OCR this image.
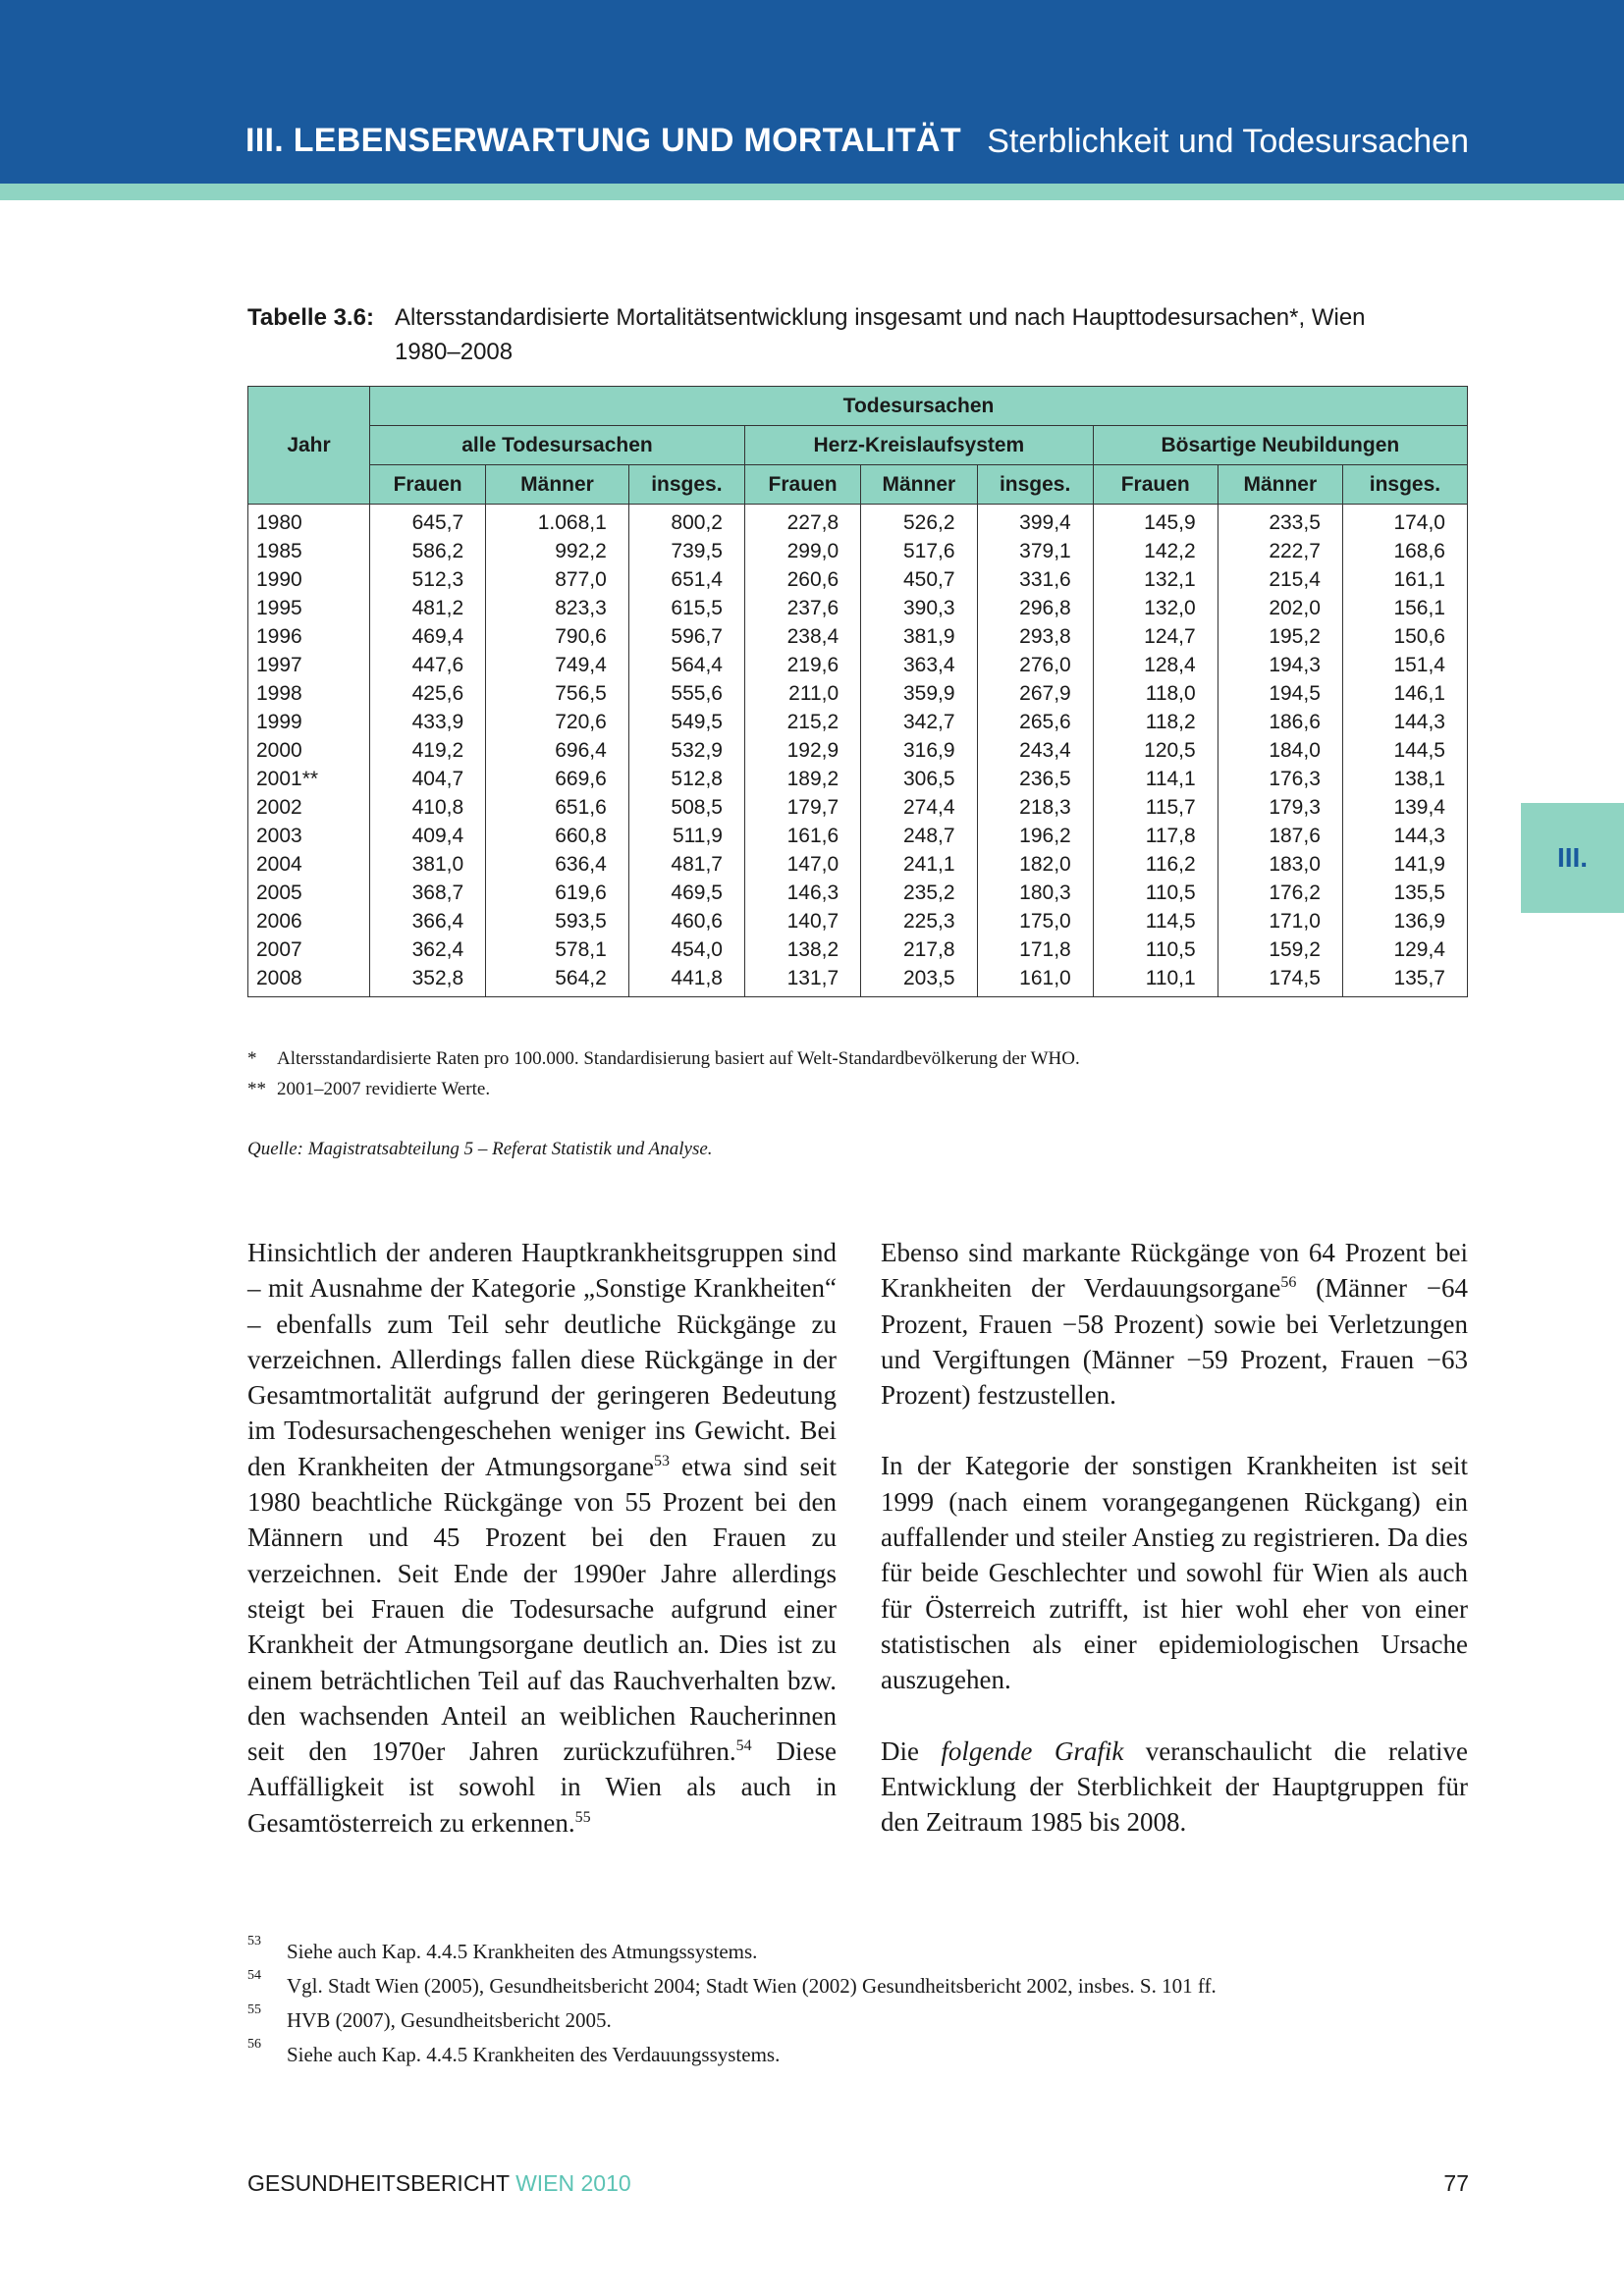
III. LEBENSERWARTUNG UND MORTALITÄT Sterblichkeit und Todesursachen
III.
Tabelle 3.6: Altersstandardisierte Mortalitätsentwicklung insgesamt und nach Haupttodesursachen*, Wien 1980–2008
Jahr	Todesursachen								
	alle Todesursachen			Herz-Kreislaufsystem			Bösartige Neubildungen		
	Frauen	Männer	insges.	Frauen	Männer	insges.	Frauen	Männer	insges.
1980	645,7	1.068,1	800,2	227,8	526,2	399,4	145,9	233,5	174,0
1985	586,2	992,2	739,5	299,0	517,6	379,1	142,2	222,7	168,6
1990	512,3	877,0	651,4	260,6	450,7	331,6	132,1	215,4	161,1
1995	481,2	823,3	615,5	237,6	390,3	296,8	132,0	202,0	156,1
1996	469,4	790,6	596,7	238,4	381,9	293,8	124,7	195,2	150,6
1997	447,6	749,4	564,4	219,6	363,4	276,0	128,4	194,3	151,4
1998	425,6	756,5	555,6	211,0	359,9	267,9	118,0	194,5	146,1
1999	433,9	720,6	549,5	215,2	342,7	265,6	118,2	186,6	144,3
2000	419,2	696,4	532,9	192,9	316,9	243,4	120,5	184,0	144,5
2001**	404,7	669,6	512,8	189,2	306,5	236,5	114,1	176,3	138,1
2002	410,8	651,6	508,5	179,7	274,4	218,3	115,7	179,3	139,4
2003	409,4	660,8	511,9	161,6	248,7	196,2	117,8	187,6	144,3
2004	381,0	636,4	481,7	147,0	241,1	182,0	116,2	183,0	141,9
2005	368,7	619,6	469,5	146,3	235,2	180,3	110,5	176,2	135,5
2006	366,4	593,5	460,6	140,7	225,3	175,0	114,5	171,0	136,9
2007	362,4	578,1	454,0	138,2	217,8	171,8	110,5	159,2	129,4
2008	352,8	564,2	441,8	131,7	203,5	161,0	110,1	174,5	135,7
* Altersstandardisierte Raten pro 100.000. Standardisierung basiert auf Welt-Standardbevölkerung der WHO.
** 2001–2007 revidierte Werte.
Quelle: Magistratsabteilung 5 – Referat Statistik und Analyse.

Hinsichtlich der anderen Hauptkrankheitsgruppen sind – mit Ausnahme der Kategorie „Sonstige Krankheiten“ – ebenfalls zum Teil sehr deutliche Rückgänge zu verzeichnen. Allerdings fallen diese Rückgänge in der Gesamtmortalität aufgrund der geringeren Bedeutung im Todesursachengeschehen weniger ins Gewicht. Bei den Krankheiten der Atmungsorgane$^{53}$ etwa sind seit 1980 beachtliche Rückgänge von 55 Prozent bei den Männern und 45 Prozent bei den Frauen zu verzeichnen. Seit Ende der 1990er Jahre allerdings steigt bei Frauen die Todesursache aufgrund einer Krankheit der Atmungsorgane deutlich an. Dies ist zu einem beträchtlichen Teil auf das Rauchverhalten bzw. den wachsenden Anteil an weiblichen Raucherinnen seit den 1970er Jahren zurückzuführen.$^{54}$ Diese Auffälligkeit ist sowohl in Wien als auch in Gesamtösterreich zu erkennen.$^{55}$

Ebenso sind markante Rückgänge von 64 Prozent bei Krankheiten der Verdauungsorgane$^{56}$ (Männer −64 Prozent, Frauen −58 Prozent) sowie bei Verletzungen und Vergiftungen (Männer −59 Prozent, Frauen −63 Prozent) festzustellen.

In der Kategorie der sonstigen Krankheiten ist seit 1999 (nach einem vorangegangenen Rückgang) ein auffallender und steiler Anstieg zu registrieren. Da dies für beide Geschlechter und sowohl für Wien als auch für Österreich zutrifft, ist hier wohl eher von einer statistischen als einer epidemiologischen Ursache auszugehen.

Die folgende Grafik veranschaulicht die relative Entwicklung der Sterblichkeit der Hauptgruppen für den Zeitraum 1985 bis 2008.

53 Siehe auch Kap. 4.4.5 Krankheiten des Atmungssystems.
54 Vgl. Stadt Wien (2005), Gesundheitsbericht 2004; Stadt Wien (2002) Gesundheitsbericht 2002, insbes. S. 101 ff.
55 HVB (2007), Gesundheitsbericht 2005.
56 Siehe auch Kap. 4.4.5 Krankheiten des Verdauungssystems.
GESUNDHEITSBERICHT WIEN 2010	77
